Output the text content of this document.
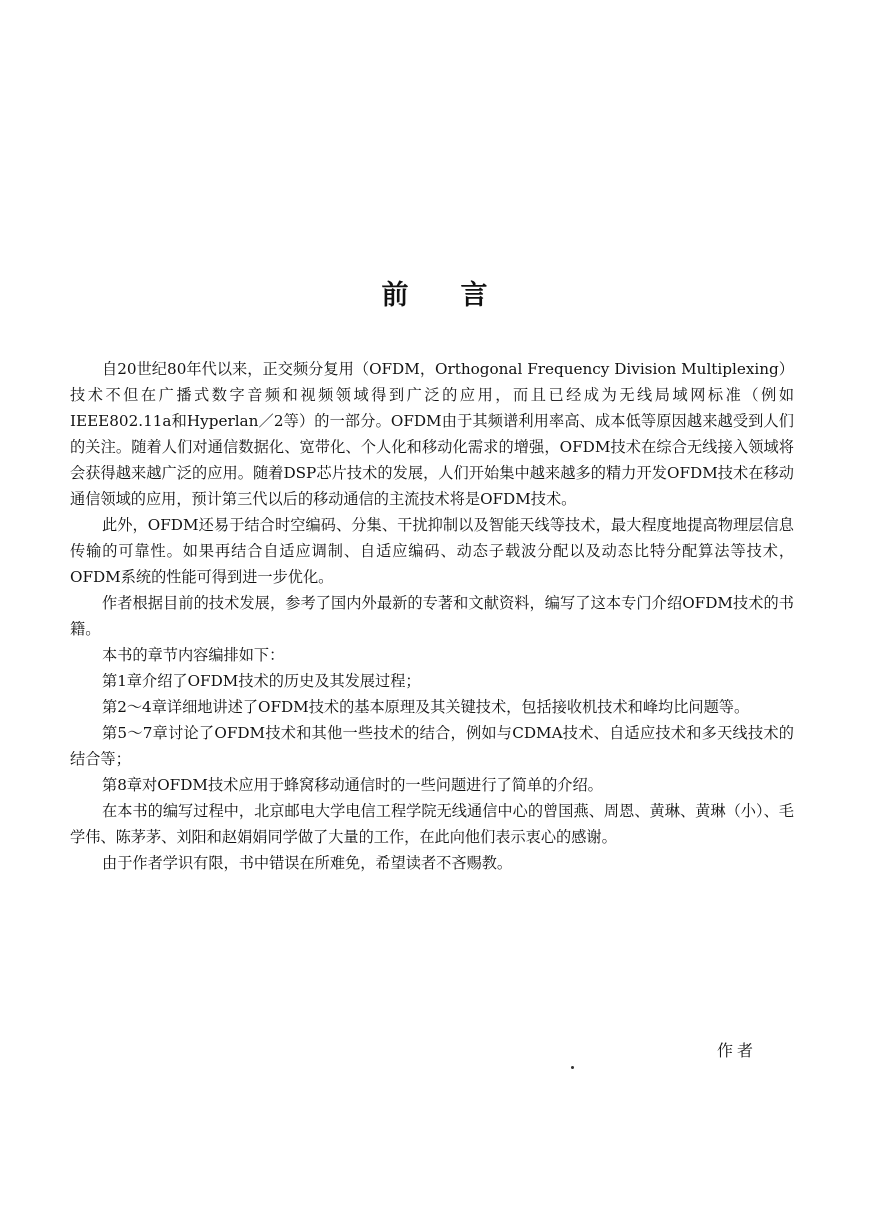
前言

自20世纪80年代以来，正交频分复用（OFDM，Orthogonal Frequency Division Multiplexing）技术不但在广播式数字音频和视频领域得到广泛的应用，而且已经成为无线局域网标准（例如IEEE802.11a和Hyperlan／2等）的一部分。OFDM由于其频谱利用率高、成本低等原因越来越受到人们的关注。随着人们对通信数据化、宽带化、个人化和移动化需求的增强，OFDM技术在综合无线接入领域将会获得越来越广泛的应用。随着DSP芯片技术的发展，人们开始集中越来越多的精力开发OFDM技术在移动通信领域的应用，预计第三代以后的移动通信的主流技术将是OFDM技术。

此外，OFDM还易于结合时空编码、分集、干扰抑制以及智能天线等技术，最大程度地提高物理层信息传输的可靠性。如果再结合自适应调制、自适应编码、动态子载波分配以及动态比特分配算法等技术，OFDM系统的性能可得到进一步优化。

作者根据目前的技术发展，参考了国内外最新的专著和文献资料，编写了这本专门介绍OFDM技术的书籍。

本书的章节内容编排如下：

第1章介绍了OFDM技术的历史及其发展过程；

第2～4章详细地讲述了OFDM技术的基本原理及其关键技术，包括接收机技术和峰均比问题等。

第5～7章讨论了OFDM技术和其他一些技术的结合，例如与CDMA技术、自适应技术和多天线技术的结合等；

第8章对OFDM技术应用于蜂窝移动通信时的一些问题进行了简单的介绍。

在本书的编写过程中，北京邮电大学电信工程学院无线通信中心的曾国燕、周恩、黄琳、黄琳（小）、毛学伟、陈茅茅、刘阳和赵娟娟同学做了大量的工作，在此向他们表示衷心的感谢。

由于作者学识有限，书中错误在所难免，希望读者不吝赐教。

作者
